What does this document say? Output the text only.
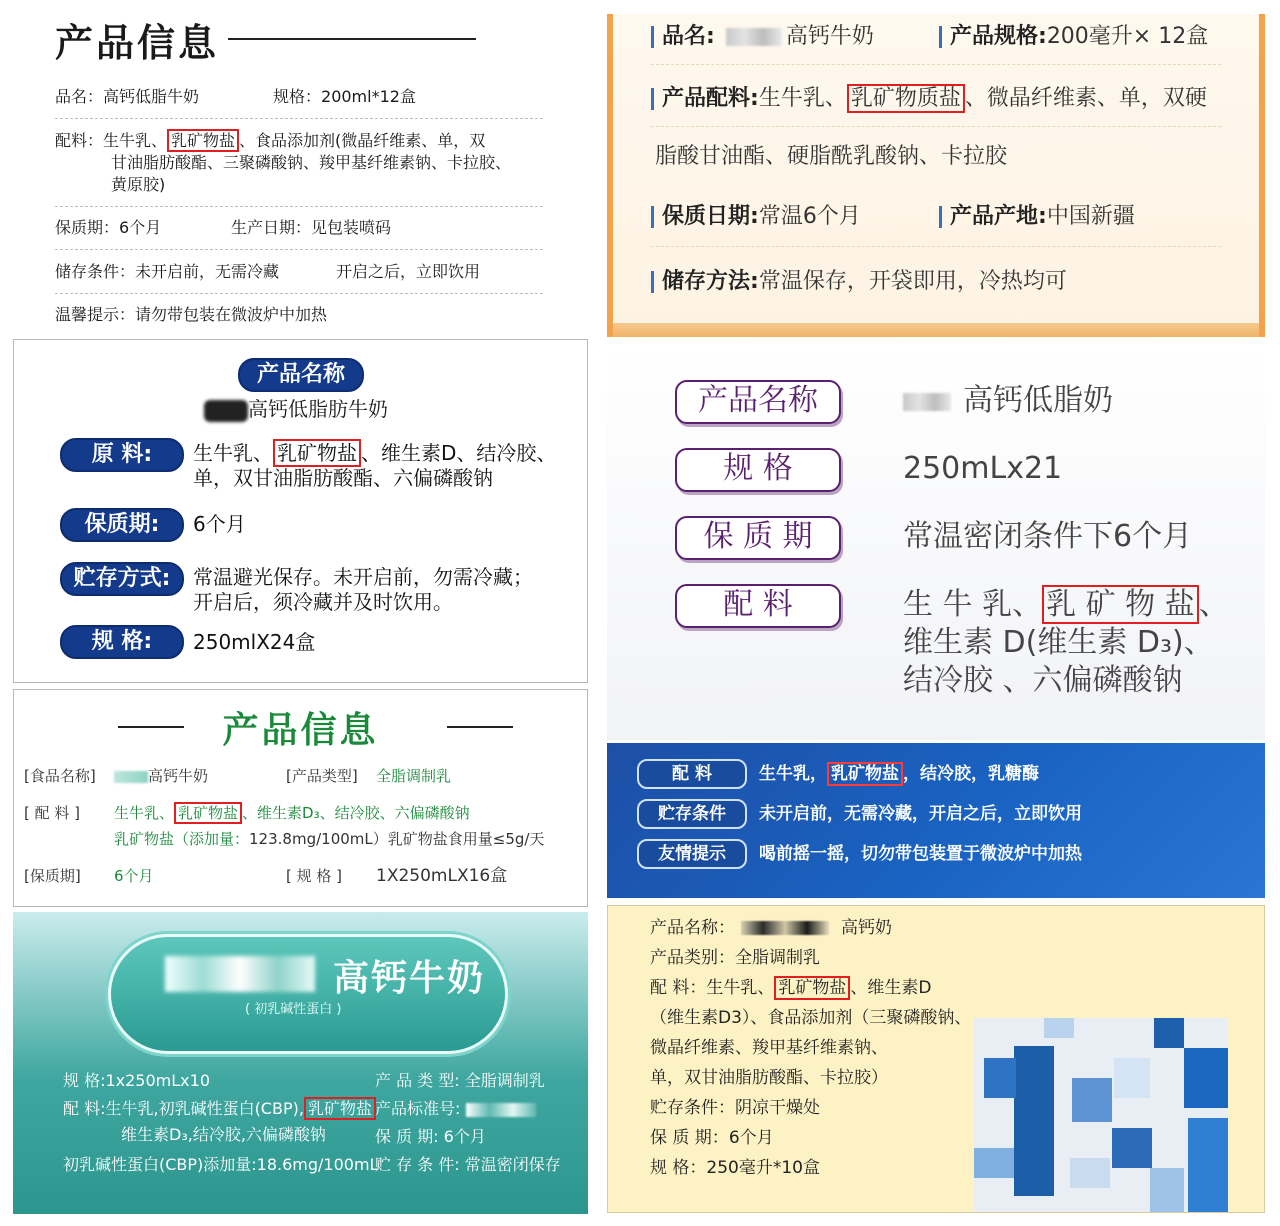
产品信息
品名：高钙低脂牛奶	规格：200ml*12盒
配料：生牛乳、 乳矿物盐 、食品添加剂(微晶纤维素、单，双
甘油脂肪酸酯、三聚磷酸钠、羧甲基纤维素钠、卡拉胶、
黄原胶)
保质期：6个月	生产日期：见包装喷码
储存条件：未开启前，无需冷藏	开启之后，立即饮用
温馨提示：请勿带包装在微波炉中加热
品名:	高钙牛奶	产品规格:200毫升× 12盒
产品配料:生牛乳、 乳矿物质盐 、微晶纤维素、单，双硬
脂酸甘油酯、硬脂酰乳酸钠、卡拉胶
保质日期:常温6个月	产品产地:中国新疆
储存方法:常温保存，开袋即用，冷热均可
产品名称
高钙低脂肪牛奶
原 料:	生牛乳、 乳矿物盐 、维生素D、结冷胶、
单，双甘油脂肪酸酯、六偏磷酸钠
保质期:	6个月
贮存方式:	常温避光保存。未开启前，勿需冷藏；
开启后，须冷藏并及时饮用。
规 格:	250mlX24盒
产品名称	高钙低脂奶
规 格	250mLx21
保 质 期	常温密闭条件下6个月
配 料	生 牛 乳、 乳 矿 物 盐 、
维生素 D(维生素 D₃)、
结冷胶 、六偏磷酸钠
产品信息
[食品名称]	高钙牛奶	[产品类型] 全脂调制乳
[ 配 料 ] 生牛乳、 乳矿物盐 、维生素D₃、结冷胶、六偏磷酸钠
乳矿物盐（添加量：123.8mg/100mL）乳矿物盐食用量≤5g/天
[保质期] 6个月	[ 规 格 ] 1X250mLX16盒
配 料	生牛乳， 乳矿物盐 ，结冷胶，乳糖酶
贮存条件	未开启前，无需冷藏，开启之后，立即饮用
友情提示	喝前摇一摇，切勿带包装置于微波炉中加热
高钙牛奶
( 初乳碱性蛋白 )
规 格:1x250mLx10
配 料:生牛乳,初乳碱性蛋白(CBP), 乳矿物盐
维生素D₃,结冷胶,六偏磷酸钠
初乳碱性蛋白(CBP)添加量:18.6mg/100mL
产 品 类 型: 全脂调制乳
产品标准号:
保 质 期: 6个月
贮 存 条 件: 常温密闭保存
产品名称：	高钙奶
产品类别：全脂调制乳
配 料：生牛乳、 乳矿物盐 、维生素D
（维生素D3）、食品添加剂（三聚磷酸钠、
微晶纤维素、羧甲基纤维素钠、
单，双甘油脂肪酸酯、卡拉胶）
贮存条件：阴凉干燥处
保 质 期：6个月
规 格：250毫升*10盒
